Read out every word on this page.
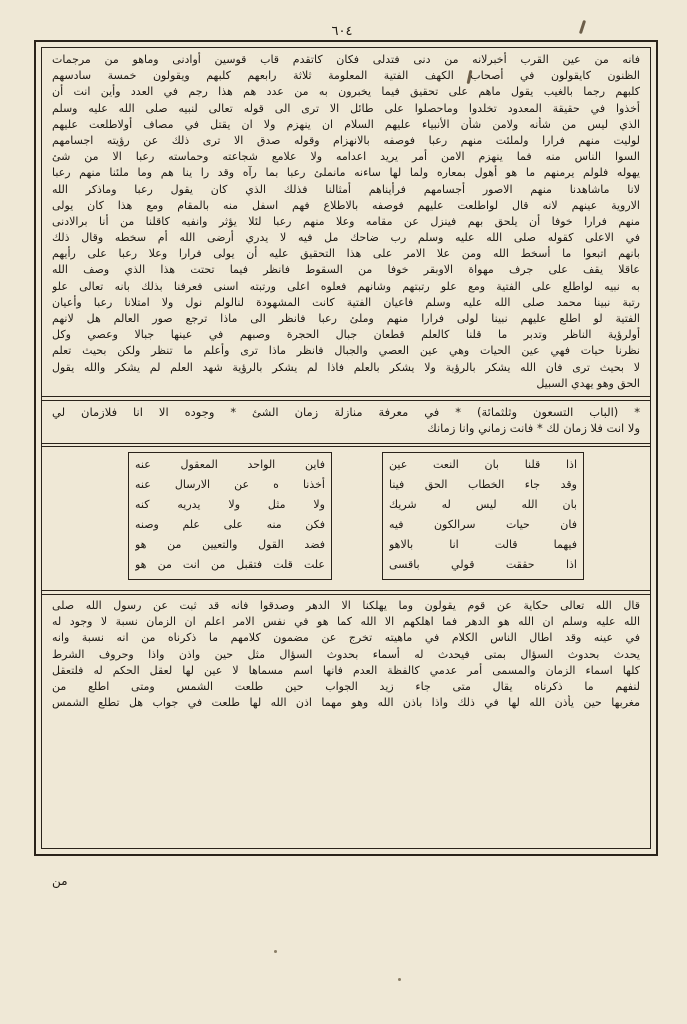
٦٠٤
فانه من عين القرب أخبرلانه من دنى فتدلى فكان كاتقدم قاب قوسين أوادنى وماهو من مرجمات
الظنون كايقولون في أصحاب الكهف الفتية المعلومة ثلاثة رابعهم كلبهم ويقولون خمسة سادسهم
كلبهم رجما بالغيب يقول ماهم على تحقيق فيما يخبرون به من عدد هم هذا رجم في العدد وأين انت أن
أخذوا في حقيقة المعدود تخلدوا وماحصلوا على طائل الا ترى الى قوله تعالى لنبيه صلى الله عليه وسلم
الذي ليس من شأنه ولامن شأن الأنبياء عليهم السلام ان ينهزم ولا ان يقتل في مصاف أولاطلعت عليهم
لوليت منهم فرارا ولملئت منهم رعبا فوصفه بالانهزام وقوله صدق الا ترى ذلك عن رؤيته اجسامهم
السوا الناس منه فما ينهزم الامن أمر يريد اعدامه ولا علامع شجاعته وحماسته رعبا الا من شئ
يهوله فلولم يرمنهم ما هو أهول بمعاره ولما لها ساءنه مانملئ رعبا بما رآه وقد را ينا هم وما ملئنا منهم رعبا
لانا ماشاهدنا منهم الاصور أجسامهم فرأيناهم أمثالنا فذلك الذي كان يقول رعبا وماذكر الله
الاروية عينهم لانه قال لواطلعت عليهم فوصفه بالاطلاع فهم اسفل منه بالمقام ومع هذا كان يولى
منهم فرارا خوفا أن يلحق بهم فينزل عن مقامه وعلا منهم رعبا لئلا يؤثر وانفيه كاقلنا من أنا برالادنى
في الاعلى كقوله صلى الله عليه وسلم رب ضاحك مل فيه لا يدري أرضى الله أم سخطه وقال ذلك
بانهم اتبعوا ما أسخط الله ومن علا الامر على هذا التحقيق عليه أن يولى فرارا وعلا رعبا على رأيهم
عاقلا يقف على جرف مهواة الاوبقر خوفا من السقوط فانظر فيما تحتت هذا الذي وصف الله
به نبيه لواطلع على الفتية ومع علو رتبتهم وشانهم فعلوه اعلى ورتبته اسنى فعرفنا بذلك بانه تعالى علو
رتبة نبينا محمد صلى الله عليه وسلم فاعيان الفتية كانت المشهودة لنالولم نول ولا امتلانا رعبا وأعيان
الفتية لو اطلع عليهم نبينا لولى فرارا منهم وملئ رعبا فانظر الى ماذا ترجع صور العالم هل لانهم
أولرؤية الناظر وتدبر ما قلنا كالعلم قطعان جبال الحجرة وصبهم في عينها جبالا وعصي وكل
نظرنا حيات فهي عين الحيات وهي عين العصي والجبال فانظر ماذا ترى وأعلم ما تنظر ولكن بحيث تعلم
لا بحيث ترى فان الله يشكر بالرؤية ولا يشكر بالعلم فاذا لم يشكر بالرؤية شهد العلم لم يشكر والله يقول
الحق وهو يهدي السبيل
* (الباب التسعون وثلثمائة) * في معرفة منازلة زمان الشئ * وجوده الا انا فلازمان لي
ولا انت فلا زمان لك * فانت زماني وانا زمانك
اذا قلنا بان النعت عين
وقد جاء الخطاب الحق فينا
بان الله ليس له شريك
فان حيات سرالكون فيه
فيهما قالت انا بالاهو
اذا حققت قولي باقسى
فاين الواحد المعقول عنه
أخذنا ه عن الارسال عنه
ولا مثل ولا يدريه كنه
فكن منه على علم وصنه
فضد القول والتعيين من هو
علت قلت فتقبل من انت من هو
قال الله تعالى حكاية عن قوم يقولون وما يهلكنا الا الدهر وصدقوا فانه قد ثبت عن رسول الله صلى
الله عليه وسلم ان الله هو الدهر فما اهلكهم الا الله كما هو في نفس الامر اعلم ان الزمان نسبة لا وجود له
في عينه وقد اطال الناس الكلام في ماهيته تخرج عن مضمون كلامهم ما ذكرناه من انه نسبة وانه
يحدث بحدوث السؤال بمتى فيحدث له أسماء بحدوث السؤال مثل حين واذن واذا وحروف الشرط
كلها اسماء الزمان والمسمى أمر عدمي كالفظة العدم فانها اسم مسماها لا عين لها لعقل الحكم له فلتعقل
لنفهم ما ذكرناه يقال متى جاء زيد الجواب حين طلعت الشمس ومتى اطلع من
مغربها حين يأذن الله لها في ذلك واذا باذن الله وهو مهما اذن الله لها طلعت في جواب هل تطلع الشمس
من
